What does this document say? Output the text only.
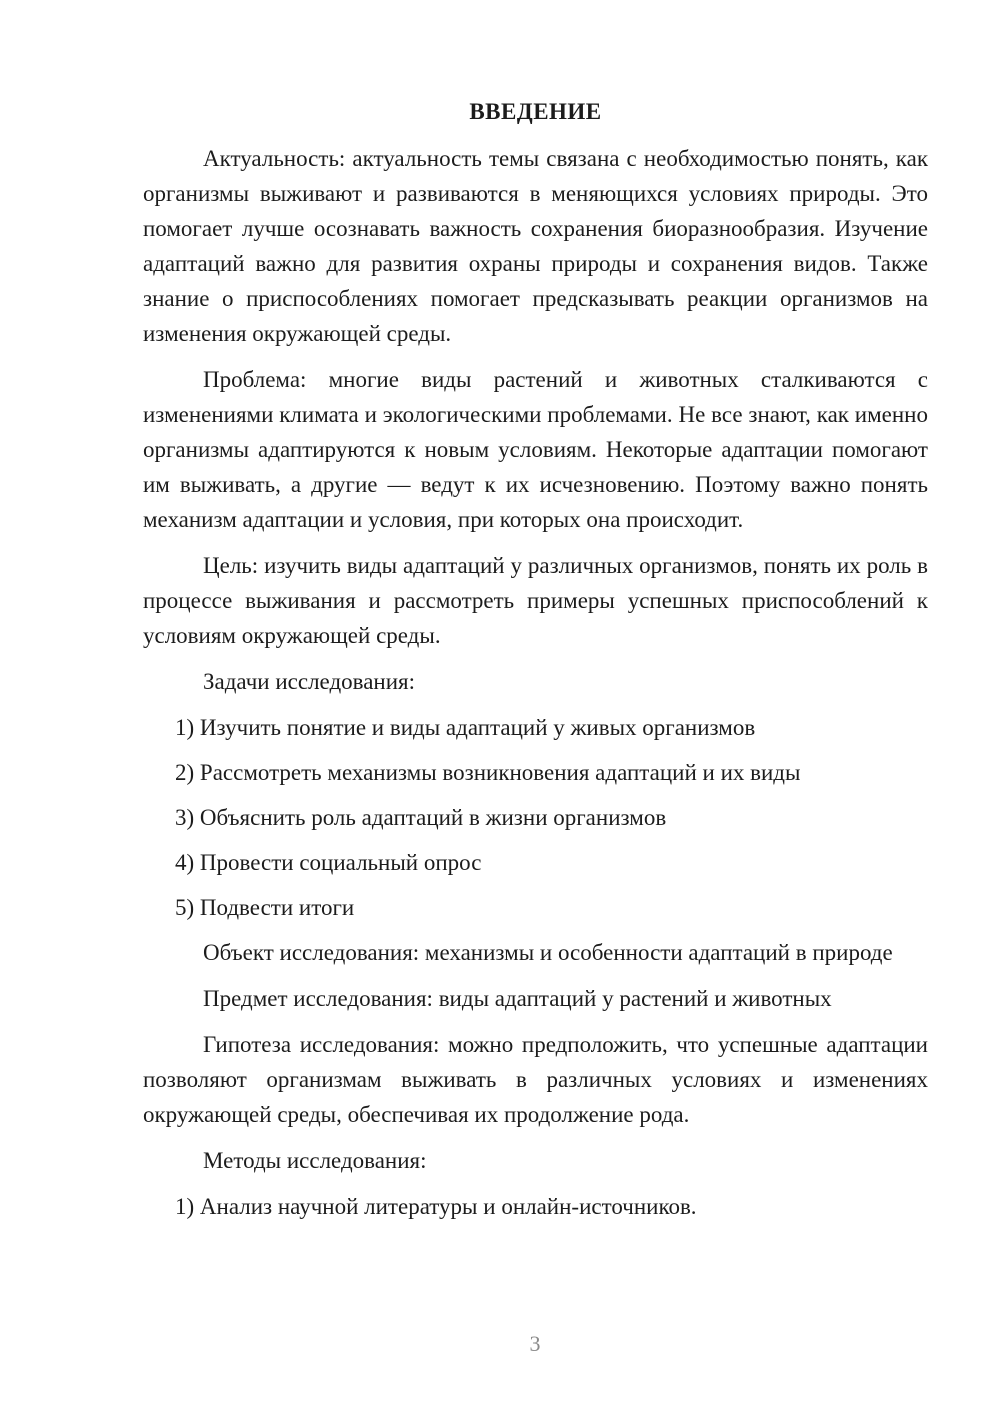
ВВЕДЕНИЕ

Актуальность: актуальность темы связана с необходимостью понять, как организмы выживают и развиваются в меняющихся условиях природы. Это помогает лучше осознавать важность сохранения биоразнообразия. Изучение адаптаций важно для развития охраны природы и сохранения видов. Также знание о приспособлениях помогает предсказывать реакции организмов на изменения окружающей среды.

Проблема: многие виды растений и животных сталкиваются с изменениями климата и экологическими проблемами. Не все знают, как именно организмы адаптируются к новым условиям. Некоторые адаптации помогают им выживать, а другие — ведут к их исчезновению. Поэтому важно понять механизм адаптации и условия, при которых она происходит.

Цель: изучить виды адаптаций у различных организмов, понять их роль в процессе выживания и рассмотреть примеры успешных приспособлений к условиям окружающей среды.

Задачи исследования:

1) Изучить понятие и виды адаптаций у живых организмов
2) Рассмотреть механизмы возникновения адаптаций и их виды
3) Объяснить роль адаптаций в жизни организмов
4) Провести социальный опрос
5) Подвести итоги

Объект исследования: механизмы и особенности адаптаций в природе

Предмет исследования: виды адаптаций у растений и животных

Гипотеза исследования: можно предположить, что успешные адаптации позволяют организмам выживать в различных условиях и изменениях окружающей среды, обеспечивая их продолжение рода.

Методы исследования:

1) Анализ научной литературы и онлайн-источников.
3
